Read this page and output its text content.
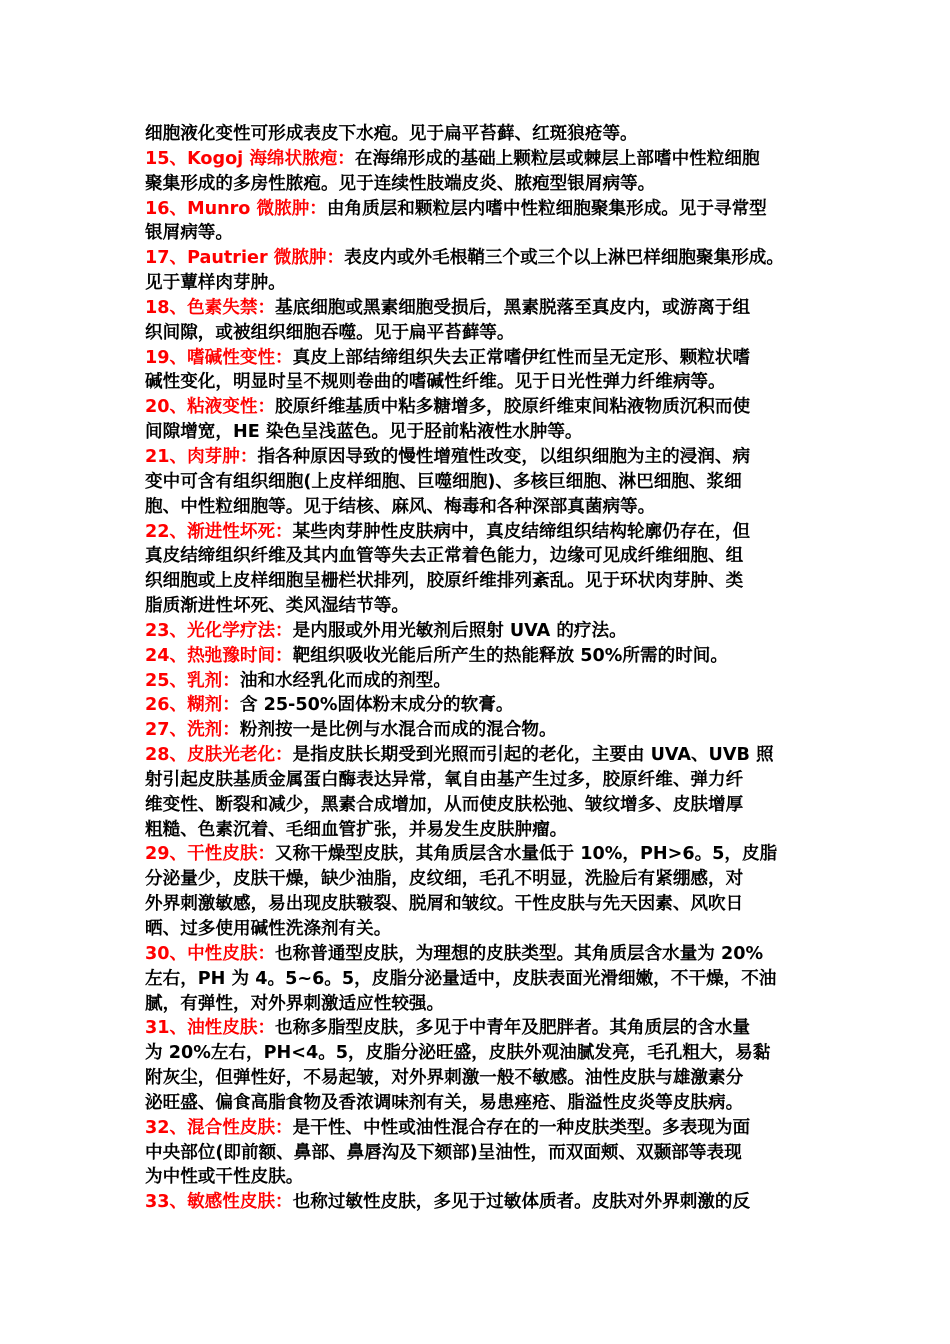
细胞液化变性可形成表皮下水疱。见于扁平苔藓、红斑狼疮等。
15、Kogoj 海绵状脓疱：在海绵形成的基础上颗粒层或棘层上部嗜中性粒细胞
聚集形成的多房性脓疱。见于连续性肢端皮炎、脓疱型银屑病等。
16、Munro 微脓肿：由角质层和颗粒层内嗜中性粒细胞聚集形成。见于寻常型
银屑病等。
17、Pautrier 微脓肿：表皮内或外毛根鞘三个或三个以上淋巴样细胞聚集形成。
见于蕈样肉芽肿。
18、色素失禁：基底细胞或黑素细胞受损后，黑素脱落至真皮内，或游离于组
织间隙，或被组织细胞吞噬。见于扁平苔藓等。
19、嗜碱性变性：真皮上部结缔组织失去正常嗜伊红性而呈无定形、颗粒状嗜
碱性变化，明显时呈不规则卷曲的嗜碱性纤维。见于日光性弹力纤维病等。
20、粘液变性：胶原纤维基质中粘多糖增多，胶原纤维束间粘液物质沉积而使
间隙增宽，HE 染色呈浅蓝色。见于胫前粘液性水肿等。
21、肉芽肿：指各种原因导致的慢性增殖性改变，以组织细胞为主的浸润、病
变中可含有组织细胞(上皮样细胞、巨噬细胞)、多核巨细胞、淋巴细胞、浆细
胞、中性粒细胞等。见于结核、麻风、梅毒和各种深部真菌病等。
22、渐进性坏死：某些肉芽肿性皮肤病中，真皮结缔组织结构轮廓仍存在，但
真皮结缔组织纤维及其内血管等失去正常着色能力，边缘可见成纤维细胞、组
织细胞或上皮样细胞呈栅栏状排列，胶原纤维排列紊乱。见于环状肉芽肿、类
脂质渐进性坏死、类风湿结节等。
23、光化学疗法：是内服或外用光敏剂后照射 UVA 的疗法。
24、热弛豫时间：靶组织吸收光能后所产生的热能释放 50%所需的时间。
25、乳剂：油和水经乳化而成的剂型。
26、糊剂：含 25-50%固体粉末成分的软膏。
27、洗剂：粉剂按一是比例与水混合而成的混合物。
28、皮肤光老化：是指皮肤长期受到光照而引起的老化，主要由 UVA、UVB 照
射引起皮肤基质金属蛋白酶表达异常，氧自由基产生过多，胶原纤维、弹力纤
维变性、断裂和减少，黑素合成增加，从而使皮肤松弛、皱纹增多、皮肤增厚
粗糙、色素沉着、毛细血管扩张，并易发生皮肤肿瘤。
29、干性皮肤：又称干燥型皮肤，其角质层含水量低于 10%，PH>6。5，皮脂
分泌量少，皮肤干燥，缺少油脂，皮纹细，毛孔不明显，洗脸后有紧绷感，对
外界刺激敏感，易出现皮肤皲裂、脱屑和皱纹。干性皮肤与先天因素、风吹日
晒、过多使用碱性洗涤剂有关。
30、中性皮肤：也称普通型皮肤，为理想的皮肤类型。其角质层含水量为 20%
左右，PH 为 4。5~6。5，皮脂分泌量适中，皮肤表面光滑细嫩，不干燥，不油
腻，有弹性，对外界刺激适应性较强。
31、油性皮肤：也称多脂型皮肤，多见于中青年及肥胖者。其角质层的含水量
为 20%左右，PH<4。5，皮脂分泌旺盛，皮肤外观油腻发亮，毛孔粗大，易黏
附灰尘，但弹性好，不易起皱，对外界刺激一般不敏感。油性皮肤与雄激素分
泌旺盛、偏食高脂食物及香浓调味剂有关，易患痤疮、脂溢性皮炎等皮肤病。
32、混合性皮肤：是干性、中性或油性混合存在的一种皮肤类型。多表现为面
中央部位(即前额、鼻部、鼻唇沟及下颏部)呈油性，而双面颊、双颞部等表现
为中性或干性皮肤。
33、敏感性皮肤：也称过敏性皮肤，多见于过敏体质者。皮肤对外界刺激的反
